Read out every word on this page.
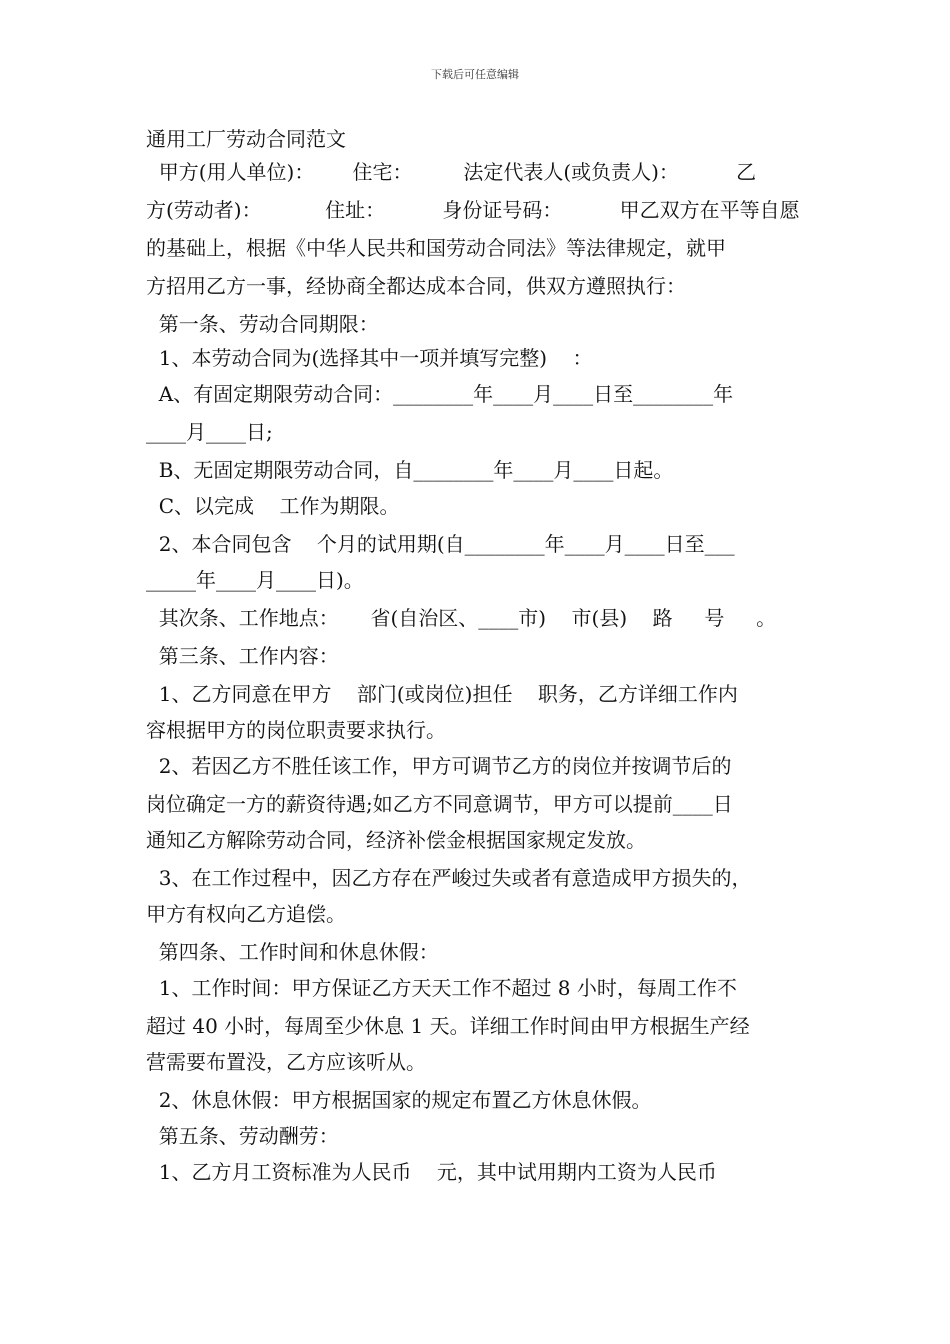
下载后可任意编辑
通用工厂劳动合同范文
甲方(用人单位)：      住宅：        法定代表人(或负责人)：         乙
方(劳动者)：          住址：         身份证号码：         甲乙双方在平等自愿
的基础上，根据《中华人民共和国劳动合同法》等法律规定，就甲
方招用乙方一事，经协商全都达成本合同，供双方遵照执行：
第一条、劳动合同期限：
1、本劳动合同为(选择其中一项并填写完整)    ：
A、有固定期限劳动合同：________年____月____日至________年
____月____日;
B、无固定期限劳动合同，自________年____月____日起。
C、以完成    工作为期限。
2、本合同包含    个月的试用期(自________年____月____日至___
_____年____月____日)。
其次条、工作地点：     省(自治区、____市)    市(县)    路     号     。
第三条、工作内容：
1、乙方同意在甲方    部门(或岗位)担任    职务，乙方详细工作内
容根据甲方的岗位职责要求执行。
2、若因乙方不胜任该工作，甲方可调节乙方的岗位并按调节后的
岗位确定一方的薪资待遇;如乙方不同意调节，甲方可以提前____日
通知乙方解除劳动合同，经济补偿金根据国家规定发放。
3、在工作过程中，因乙方存在严峻过失或者有意造成甲方损失的，
甲方有权向乙方追偿。
第四条、工作时间和休息休假：
1、工作时间：甲方保证乙方天天工作不超过 8 小时，每周工作不
超过 40 小时，每周至少休息 1 天。详细工作时间由甲方根据生产经
营需要布置没，乙方应该听从。
2、休息休假：甲方根据国家的规定布置乙方休息休假。
第五条、劳动酬劳：
1、乙方月工资标准为人民币    元，其中试用期内工资为人民币
